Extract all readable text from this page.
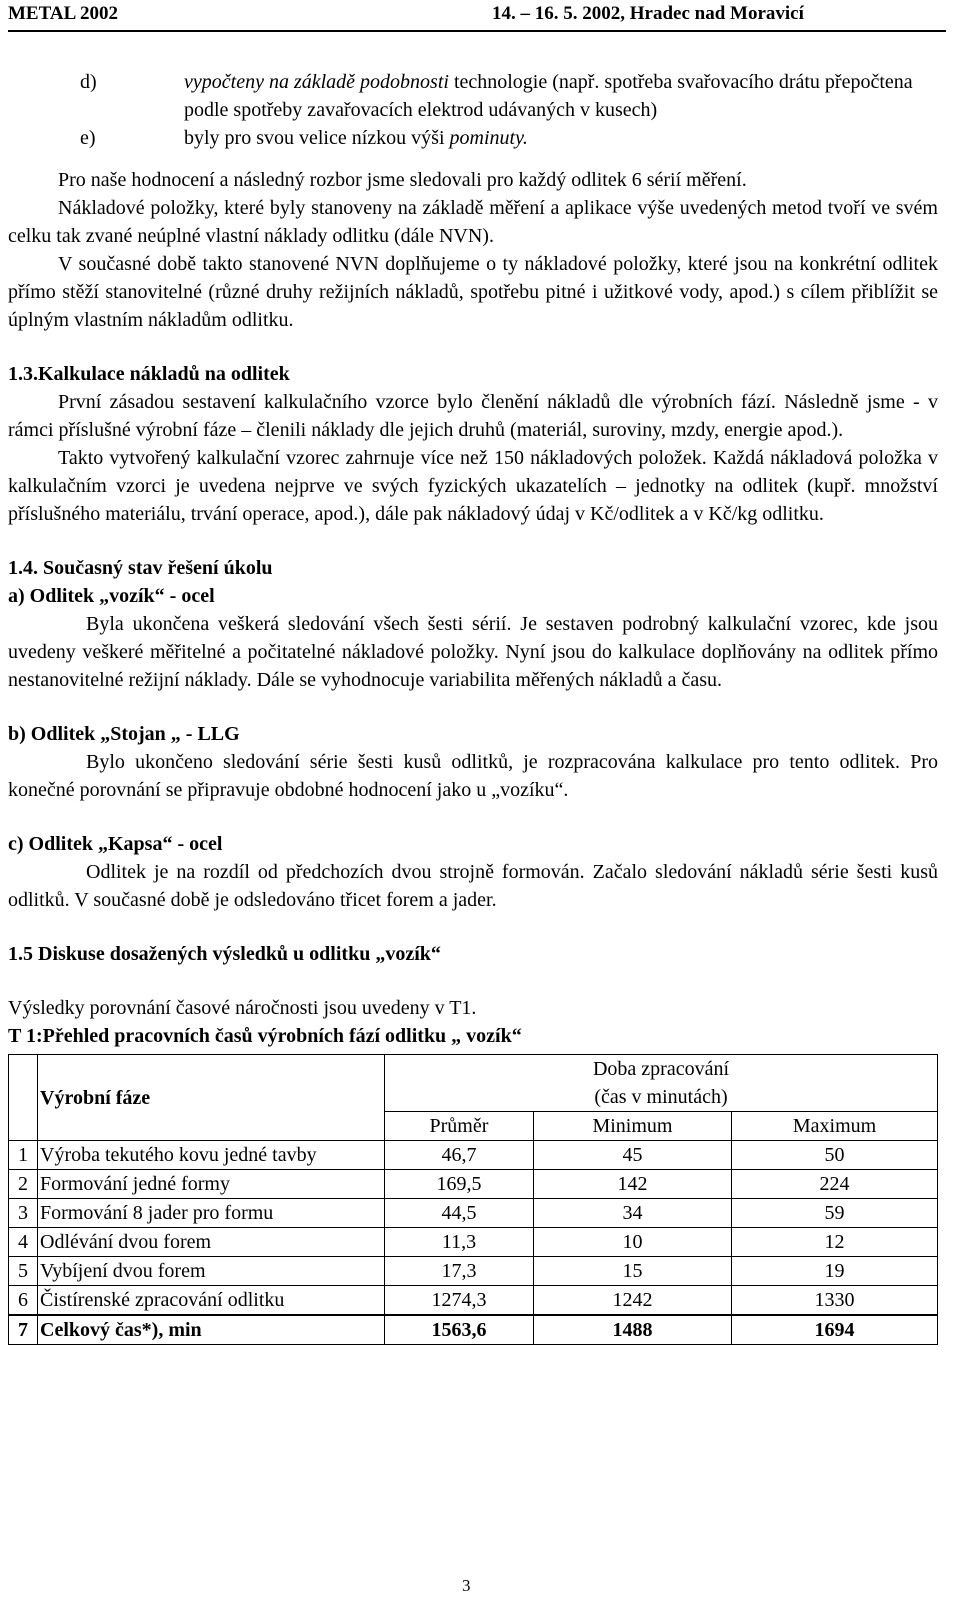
METAL 2002	14. – 16. 5. 2002, Hradec nad Moravicí
d)	vypočteny na základě podobnosti technologie (např. spotřeba svařovacího drátu přepočtena podle spotřeby zavařovacích elektrod udávaných v kusech)
e)	byly pro svou velice nízkou výši pominuty.

Pro naše hodnocení a následný rozbor jsme sledovali pro každý odlitek 6 sérií měření.

Nákladové položky, které byly stanoveny na základě měření a aplikace výše uvedených metod tvoří ve svém celku tak zvané neúplné vlastní náklady odlitku (dále NVN).

V současné době takto stanovené NVN doplňujeme o ty nákladové položky, které jsou na konkrétní odlitek přímo stěží stanovitelné (různé druhy režijních nákladů, spotřebu pitné i užitkové vody, apod.) s cílem přiblížit se úplným vlastním nákladům odlitku.

1.3.Kalkulace nákladů na odlitek

První zásadou sestavení kalkulačního vzorce bylo členění nákladů dle výrobních fází. Následně jsme - v rámci příslušné výrobní fáze – členili náklady dle jejich druhů (materiál, suroviny, mzdy, energie apod.).

Takto vytvořený kalkulační vzorec zahrnuje více než 150 nákladových položek. Každá nákladová položka v kalkulačním vzorci je uvedena nejprve ve svých fyzických ukazatelích – jednotky na odlitek (kupř. množství příslušného materiálu, trvání operace, apod.), dále pak nákladový údaj v Kč/odlitek a v Kč/kg odlitku.

1.4. Současný stav řešení úkolu
a) Odlitek „vozík“ - ocel

Byla ukončena veškerá sledování všech šesti sérií. Je sestaven podrobný kalkulační vzorec, kde jsou uvedeny veškeré měřitelné a počitatelné nákladové položky. Nyní jsou do kalkulace doplňovány na odlitek přímo nestanovitelné režijní náklady. Dále se vyhodnocuje variabilita měřených nákladů a času.

b) Odlitek „Stojan „ - LLG

Bylo ukončeno sledování série šesti kusů odlitků, je rozpracována kalkulace pro tento odlitek. Pro konečné porovnání se připravuje obdobné hodnocení jako u „vozíku“.

c) Odlitek „Kapsa“ - ocel

Odlitek je na rozdíl od předchozích dvou strojně formován. Začalo sledování nákladů série šesti kusů odlitků. V současné době je odsledováno třicet forem a jader.

1.5 Diskuse dosažených výsledků u odlitku „vozík“

Výsledky porovnání časové náročnosti jsou uvedeny v T1.

T 1:Přehled pracovních časů výrobních fází odlitku „ vozík“
	Výrobní fáze	Doba zpracování		
		(čas v minutách)		
		Průměr	Minimum	Maximum
1	Výroba tekutého kovu jedné tavby	46,7	45	50
2	Formování jedné formy	169,5	142	224
3	Formování 8 jader pro formu	44,5	34	59
4	Odlévání dvou forem	11,3	10	12
5	Vybíjení dvou forem	17,3	15	19
6	Čistírenské zpracování odlitku	1274,3	1242	1330
7	Celkový čas*), min	1563,6	1488	1694
3
